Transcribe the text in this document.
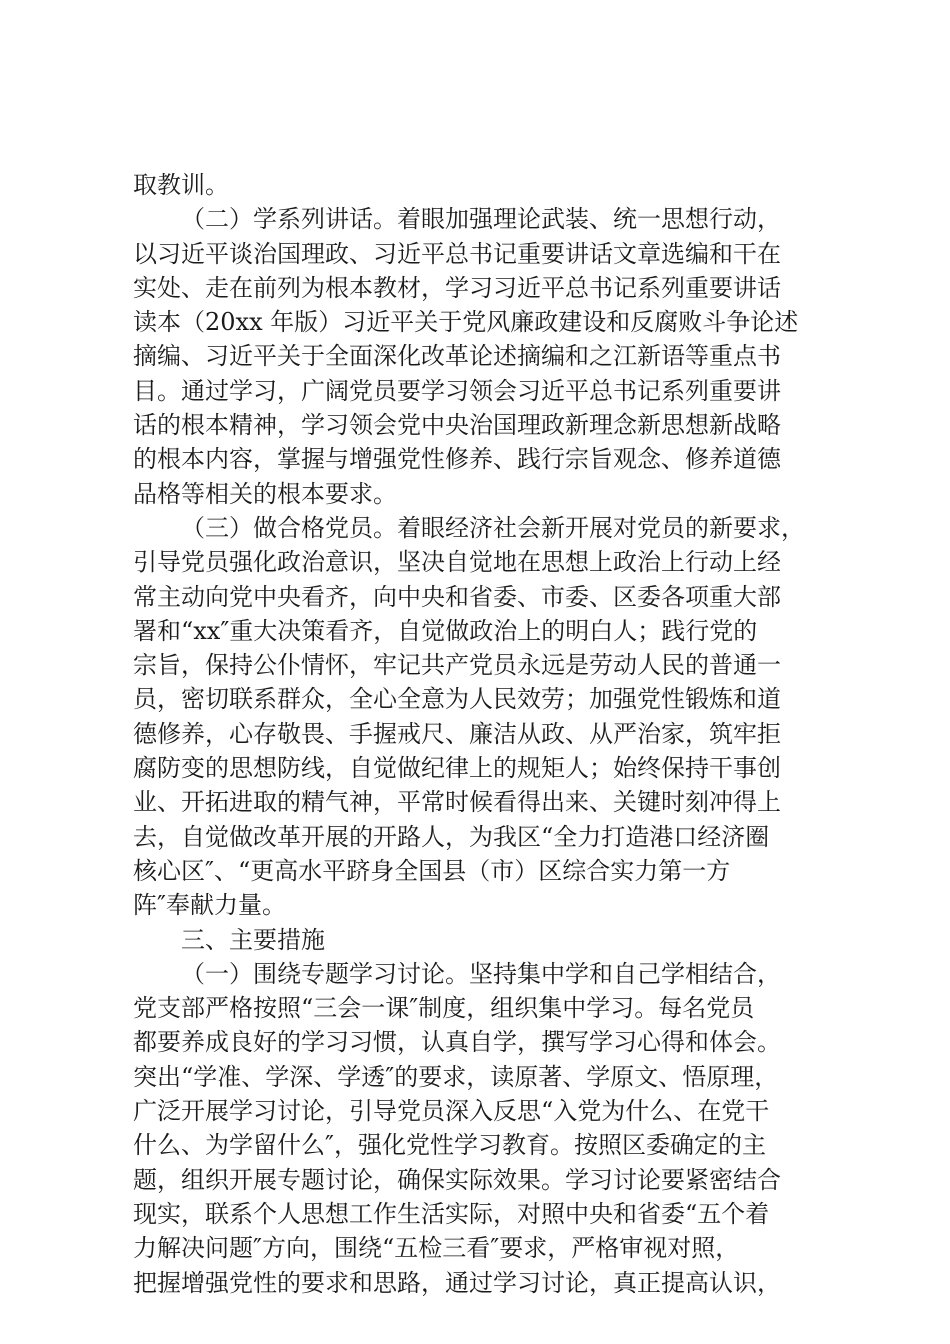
取教训。
（二）学系列讲话。着眼加强理论武装、统一思想行动，
以习近平谈治国理政、习近平总书记重要讲话文章选编和干在
实处、走在前列为根本教材，学习习近平总书记系列重要讲话
读本（20xx 年版）习近平关于党风廉政建设和反腐败斗争论述
摘编、习近平关于全面深化改革论述摘编和之江新语等重点书
目。通过学习，广阔党员要学习领会习近平总书记系列重要讲
话的根本精神，学习领会党中央治国理政新理念新思想新战略
的根本内容，掌握与增强党性修养、践行宗旨观念、修养道德
品格等相关的根本要求。
（三）做合格党员。着眼经济社会新开展对党员的新要求，
引导党员强化政治意识，坚决自觉地在思想上政治上行动上经
常主动向党中央看齐，向中央和省委、市委、区委各项重大部
署和“xx″重大决策看齐，自觉做政治上的明白人；践行党的
宗旨，保持公仆情怀，牢记共产党员永远是劳动人民的普通一
员，密切联系群众，全心全意为人民效劳；加强党性锻炼和道
德修养，心存敬畏、手握戒尺、廉洁从政、从严治家，筑牢拒
腐防变的思想防线，自觉做纪律上的规矩人；始终保持干事创
业、开拓进取的精气神，平常时候看得出来、关键时刻冲得上
去，自觉做改革开展的开路人，为我区“全力打造港口经济圈
核心区″、“更高水平跻身全国县（市）区综合实力第一方
阵″奉献力量。
三、主要措施
（一）围绕专题学习讨论。坚持集中学和自己学相结合，
党支部严格按照“三会一课″制度，组织集中学习。每名党员
都要养成良好的学习习惯，认真自学，撰写学习心得和体会。
突出“学准、学深、学透″的要求，读原著、学原文、悟原理，
广泛开展学习讨论，引导党员深入反思“入党为什么、在党干
什么、为学留什么″，强化党性学习教育。按照区委确定的主
题，组织开展专题讨论，确保实际效果。学习讨论要紧密结合
现实，联系个人思想工作生活实际，对照中央和省委“五个着
力解决问题″方向，围绕“五检三看″要求，严格审视对照，
把握增强党性的要求和思路，通过学习讨论，真正提高认识，
